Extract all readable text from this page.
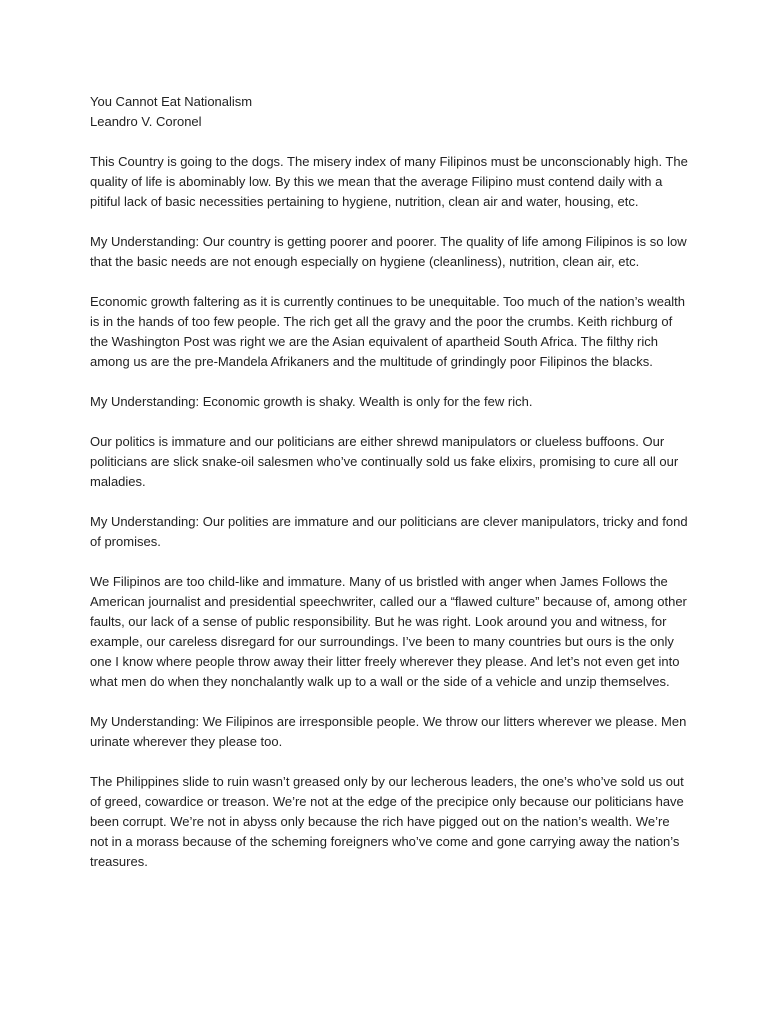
You Cannot Eat Nationalism

Leandro V. Coronel

This Country is going to the dogs. The misery index of many Filipinos must be unconscionably high. The quality of life is abominably low. By this we mean that the average Filipino must contend daily with a pitiful lack of basic necessities pertaining to hygiene, nutrition, clean air and water, housing, etc.

My Understanding: Our country is getting poorer and poorer. The quality of life among Filipinos is so low that the basic needs are not enough especially on hygiene (cleanliness), nutrition, clean air, etc.

Economic growth faltering as it is currently continues to be unequitable. Too much of the nation’s wealth is in the hands of too few people. The rich get all the gravy and the poor the crumbs. Keith richburg of the Washington Post was right we are the Asian equivalent of apartheid South Africa. The filthy rich among us are the pre-Mandela Afrikaners and the multitude of grindingly poor Filipinos the blacks.

My Understanding: Economic growth is shaky. Wealth is only for the few rich.

Our politics is immature and our politicians are either shrewd manipulators or clueless buffoons. Our politicians are slick snake-oil salesmen who’ve continually sold us fake elixirs, promising to cure all our maladies.

My Understanding: Our polities are immature and our politicians are clever manipulators, tricky and fond of promises.

We Filipinos are too child-like and immature. Many of us bristled with anger when James Follows the American journalist and presidential speechwriter, called our a “flawed culture” because of, among other faults, our lack of a sense of public responsibility. But he was right. Look around you and witness, for example, our careless disregard for our surroundings. I’ve been to many countries but ours is the only one I know where people throw away their litter freely wherever they please. And let’s not even get into what men do when they nonchalantly walk up to a wall or the side of a vehicle and unzip themselves.

My Understanding: We Filipinos are irresponsible people. We throw our litters wherever we please. Men urinate wherever they please too.

The Philippines slide to ruin wasn’t greased only by our lecherous leaders, the one’s who’ve sold us out of greed, cowardice or treason. We’re not at the edge of the precipice only because our politicians have been corrupt. We’re not in abyss only because the rich have pigged out on the nation’s wealth. We’re not in a morass because of the scheming foreigners who’ve come and gone carrying away the nation’s treasures.
